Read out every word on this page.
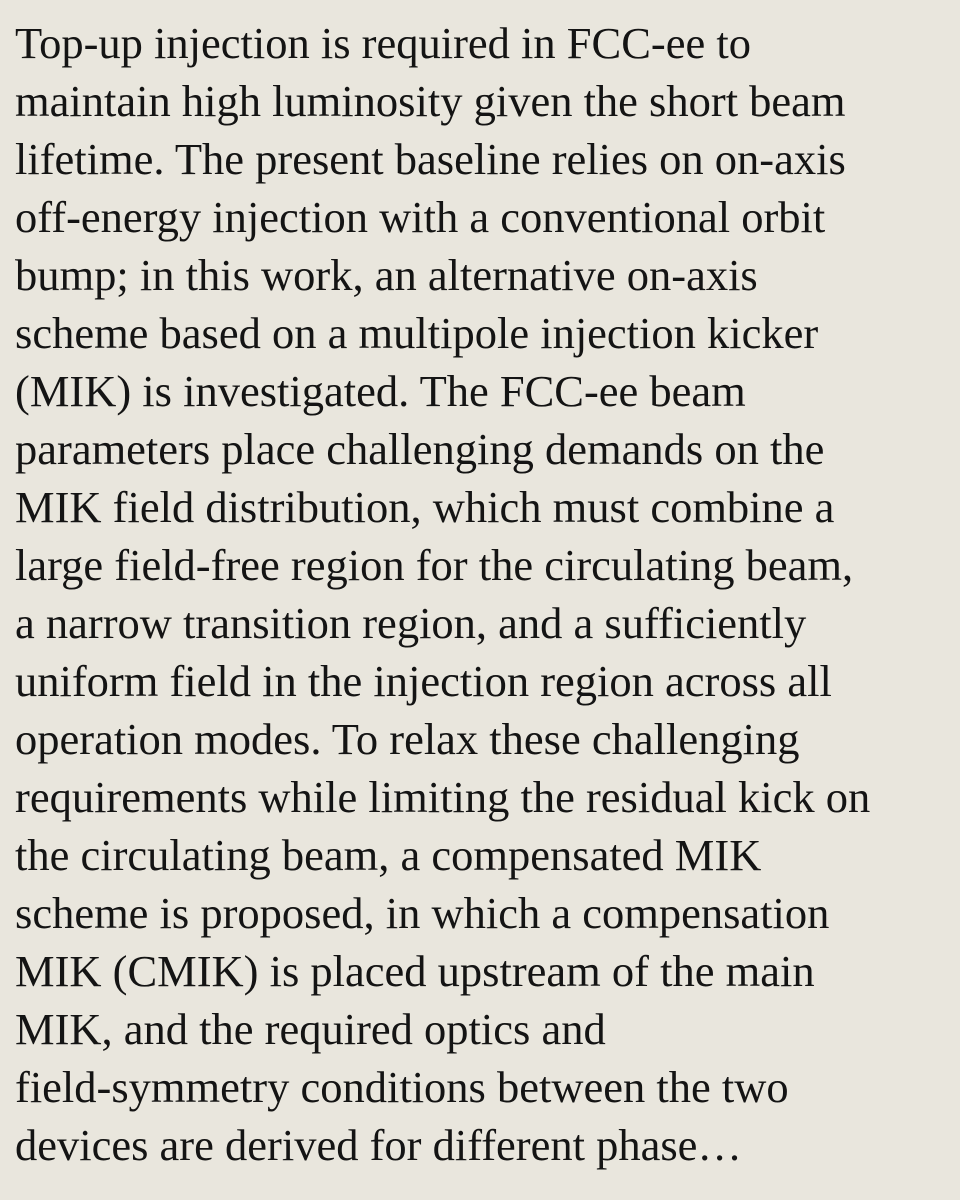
Top-up injection is required in FCC-ee to
maintain high luminosity given the short beam
lifetime. The present baseline relies on on-axis
off-energy injection with a conventional orbit
bump; in this work, an alternative on-axis
scheme based on a multipole injection kicker
(MIK) is investigated. The FCC-ee beam
parameters place challenging demands on the
MIK field distribution, which must combine a
large field-free region for the circulating beam,
a narrow transition region, and a sufficiently
uniform field in the injection region across all
operation modes. To relax these challenging
requirements while limiting the residual kick on
the circulating beam, a compensated MIK
scheme is proposed, in which a compensation
MIK (CMIK) is placed upstream of the main
MIK, and the required optics and
field-symmetry conditions between the two
devices are derived for different phase…
